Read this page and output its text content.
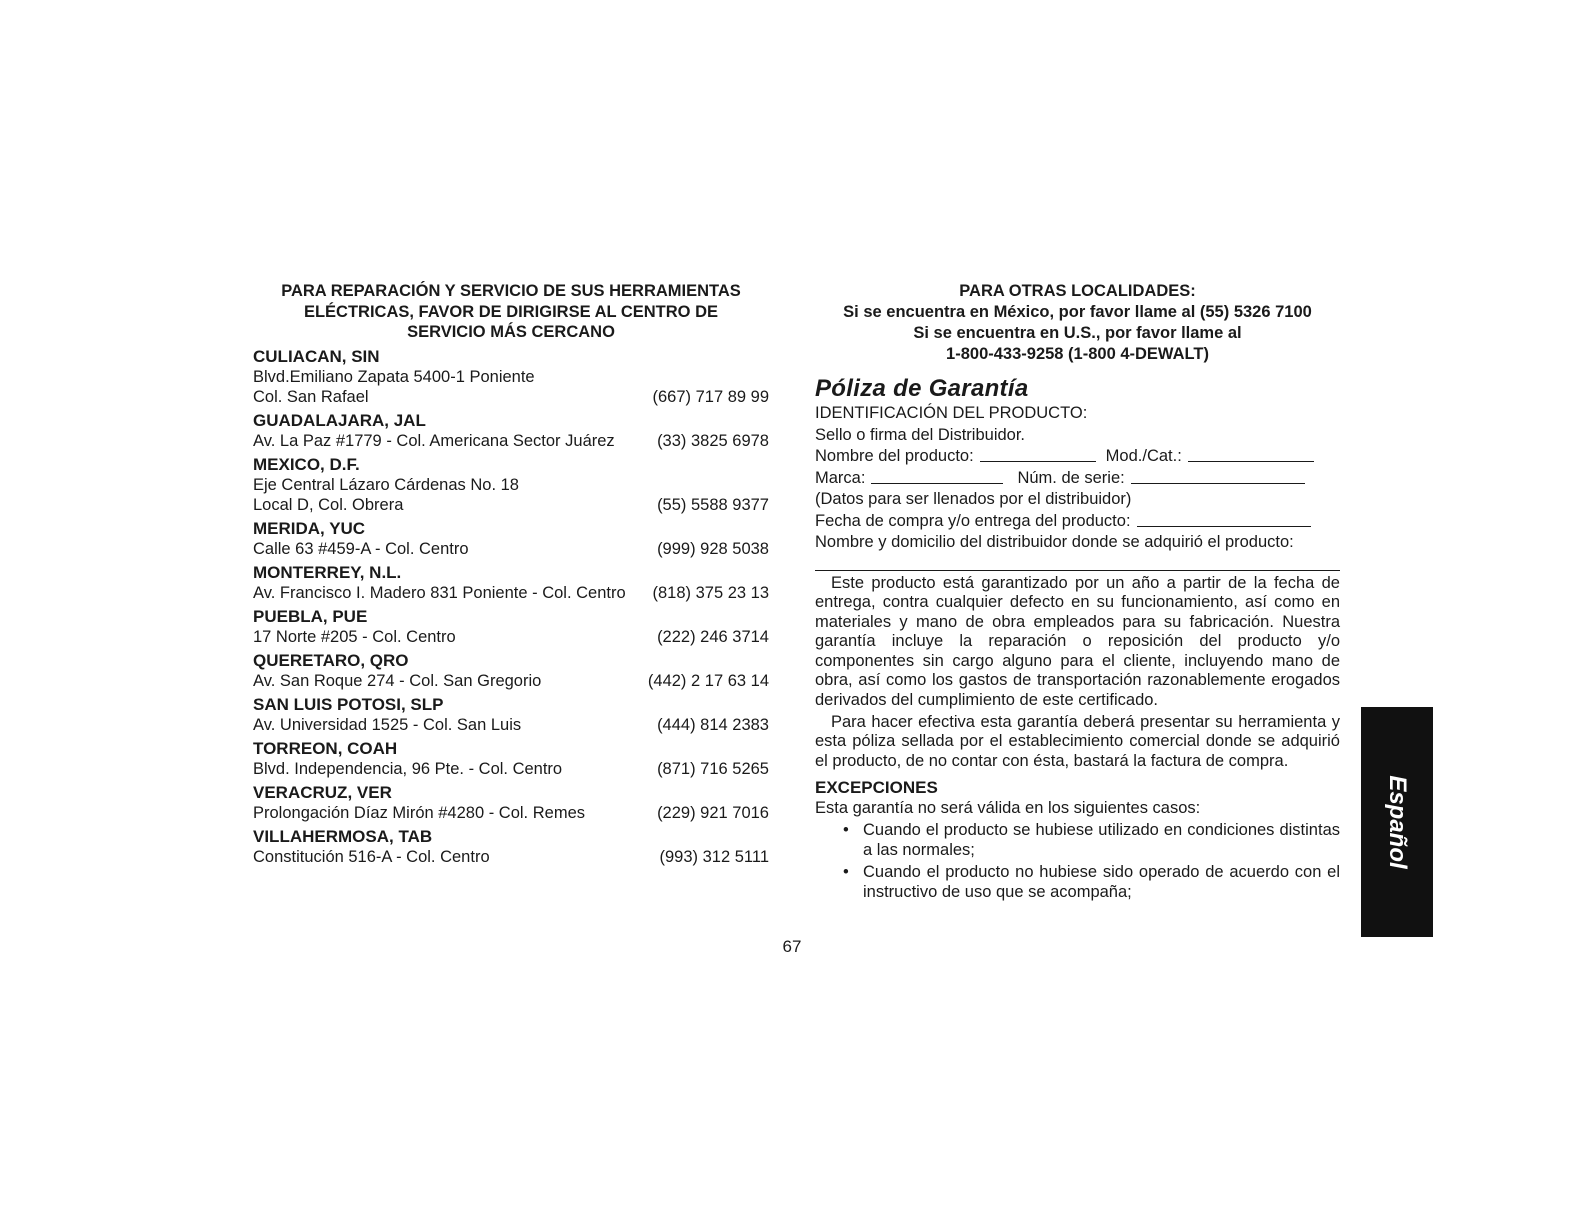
PARA REPARACIÓN Y SERVICIO DE SUS HERRAMIENTAS
ELÉCTRICAS, FAVOR DE DIRIGIRSE AL CENTRO DE
SERVICIO MÁS CERCANO
CULIACAN, SIN
Blvd.Emiliano Zapata 5400-1 Poniente
Col. San Rafael	(667) 717 89 99
GUADALAJARA, JAL
Av. La Paz #1779 - Col. Americana Sector Juárez	(33) 3825 6978
MEXICO, D.F.
Eje Central Lázaro Cárdenas No. 18
Local D, Col. Obrera	(55) 5588 9377
MERIDA, YUC
Calle 63 #459-A - Col. Centro	(999) 928 5038
MONTERREY, N.L.
Av. Francisco I. Madero 831 Poniente - Col. Centro (818) 375 23 13
PUEBLA, PUE
17 Norte #205 - Col. Centro	(222) 246 3714
QUERETARO, QRO
Av. San Roque 274 - Col. San Gregorio	(442) 2 17 63 14
SAN LUIS POTOSI, SLP
Av. Universidad 1525 - Col. San Luis	(444) 814 2383
TORREON, COAH
Blvd. Independencia, 96 Pte. - Col. Centro	(871) 716 5265
VERACRUZ, VER
Prolongación Díaz Mirón #4280 - Col. Remes	(229) 921 7016
VILLAHERMOSA, TAB
Constitución 516-A - Col. Centro	(993) 312 5111
PARA OTRAS LOCALIDADES:
Si se encuentra en México, por favor llame al (55) 5326 7100
Si se encuentra en U.S., por favor llame al
1-800-433-9258 (1-800 4-DEWALT)
Póliza de Garantía
IDENTIFICACIÓN DEL PRODUCTO:
Sello o firma del Distribuidor.
Nombre del producto:	Mod./Cat.:
Marca:	Núm. de serie:
(Datos para ser llenados por el distribuidor)
Fecha de compra y/o entrega del producto:
Nombre y domicilio del distribuidor donde se adquirió el producto:
Este producto está garantizado por un año a partir de la fecha de entrega, contra cualquier defecto en su funcionamiento, así como en materiales y mano de obra empleados para su fabricación. Nuestra garantía incluye la reparación o reposición del producto y/o componentes sin cargo alguno para el cliente, incluyendo mano de obra, así como los gastos de transportación razonablemente erogados derivados del cumplimiento de este certificado.
Para hacer efectiva esta garantía deberá presentar su herramienta y esta póliza sellada por el establecimiento comercial donde se adquirió el producto, de no contar con ésta, bastará la factura de compra.
EXCEPCIONES
Esta garantía no será válida en los siguientes casos:
• Cuando el producto se hubiese utilizado en condiciones distintas a las normales;
• Cuando el producto no hubiese sido operado de acuerdo con el instructivo de uso que se acompaña;
67
Español
